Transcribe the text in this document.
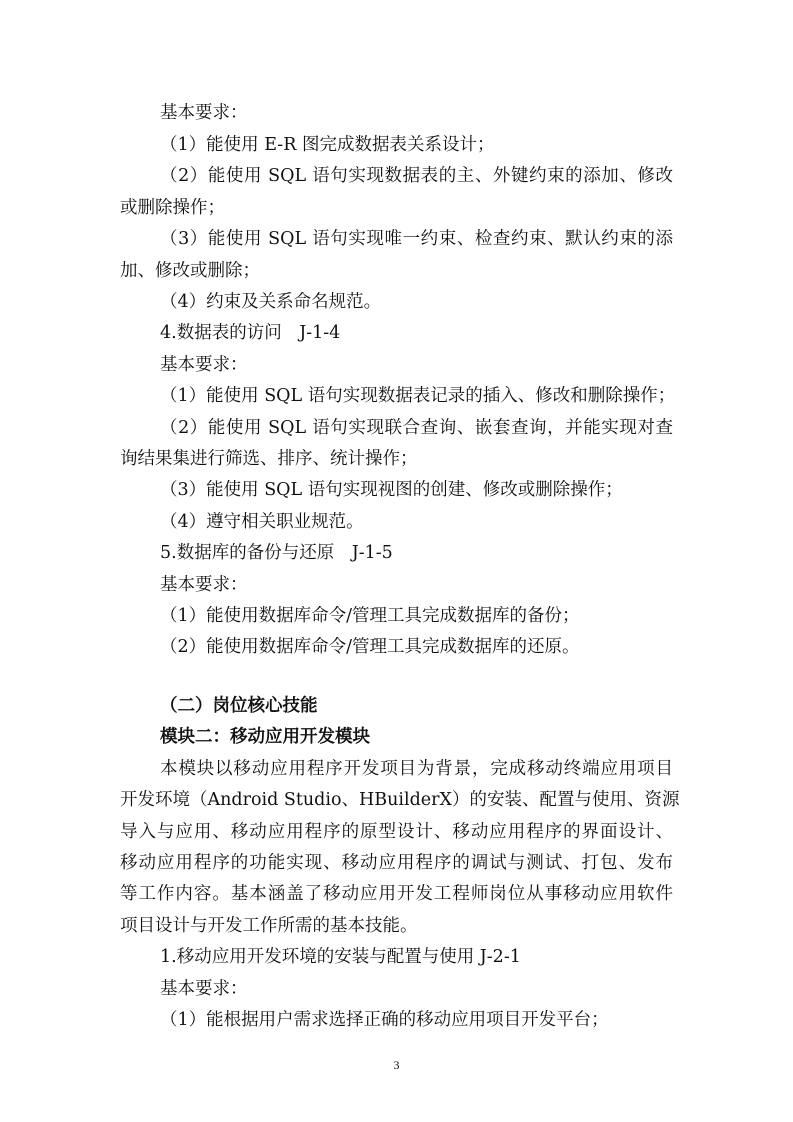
基本要求：
（1）能使用 E-R 图完成数据表关系设计；
（2）能使用 SQL 语句实现数据表的主、外键约束的添加、修改
或删除操作；
（3）能使用 SQL 语句实现唯一约束、检查约束、默认约束的添
加、修改或删除；
（4）约束及关系命名规范。
4.数据表的访问　J-1-4
基本要求：
（1）能使用 SQL 语句实现数据表记录的插入、修改和删除操作；
（2）能使用 SQL 语句实现联合查询、嵌套查询，并能实现对查
询结果集进行筛选、排序、统计操作；
（3）能使用 SQL 语句实现视图的创建、修改或删除操作；
（4）遵守相关职业规范。
5.数据库的备份与还原　J-1-5
基本要求：
（1）能使用数据库命令/管理工具完成数据库的备份；
（2）能使用数据库命令/管理工具完成数据库的还原。
（二）岗位核心技能
模块二：移动应用开发模块
本模块以移动应用程序开发项目为背景，完成移动终端应用项目
开发环境（Android Studio、HBuilderX）的安装、配置与使用、资源
导入与应用、移动应用程序的原型设计、移动应用程序的界面设计、
移动应用程序的功能实现、移动应用程序的调试与测试、打包、发布
等工作内容。基本涵盖了移动应用开发工程师岗位从事移动应用软件
项目设计与开发工作所需的基本技能。
1.移动应用开发环境的安装与配置与使用 J-2-1
基本要求：
（1）能根据用户需求选择正确的移动应用项目开发平台；
3
